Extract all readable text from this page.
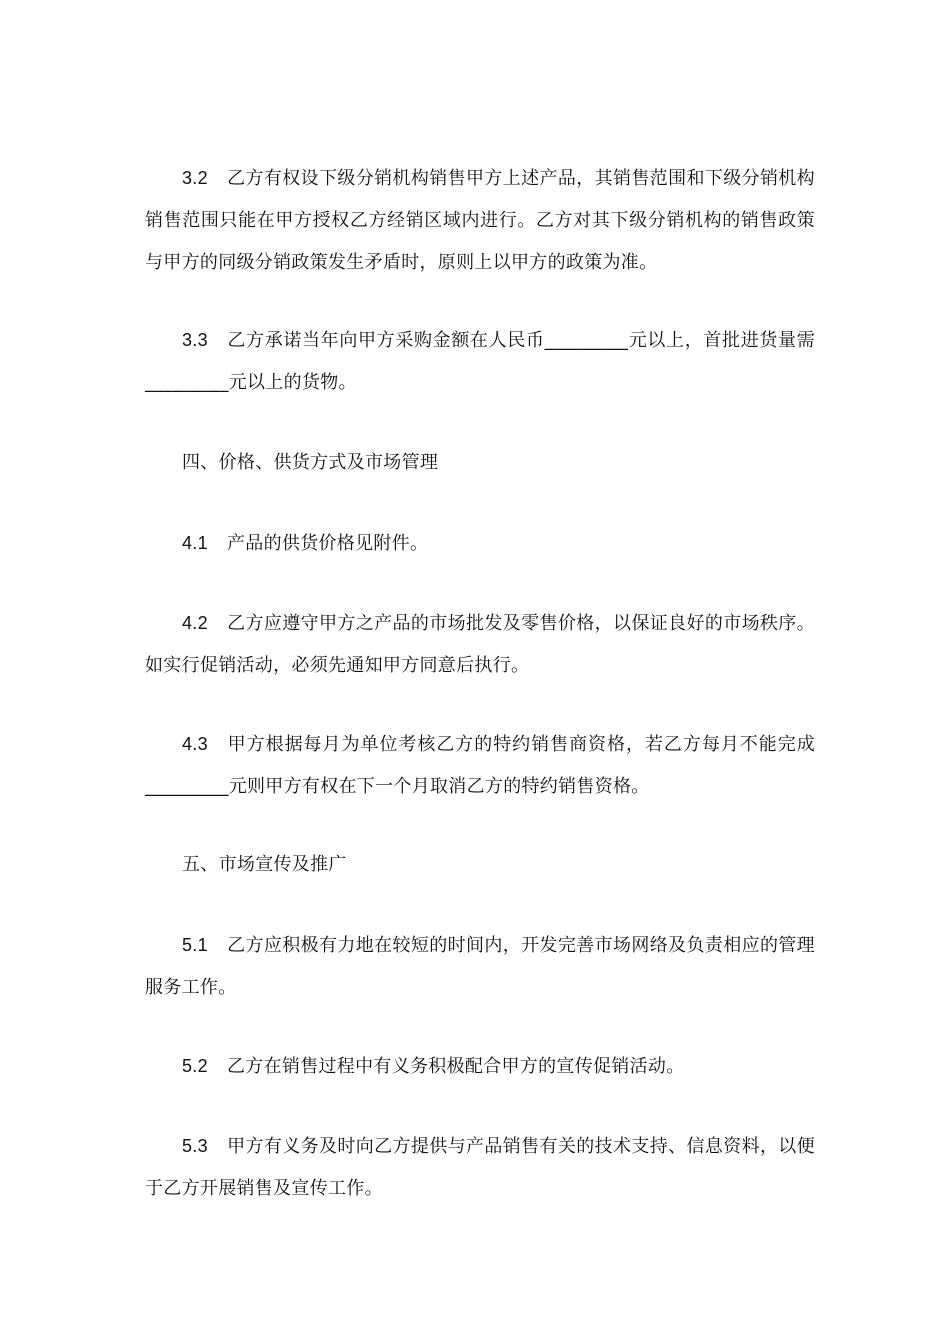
3.2 乙方有权设下级分销机构销售甲方上述产品，其销售范围和下级分销机构销售范围只能在甲方授权乙方经销区域内进行。乙方对其下级分销机构的销售政策与甲方的同级分销政策发生矛盾时，原则上以甲方的政策为准。

3.3 乙方承诺当年向甲方采购金额在人民币_________元以上，首批进货量需_________元以上的货物。

四、价格、供货方式及市场管理

4.1 产品的供货价格见附件。

4.2 乙方应遵守甲方之产品的市场批发及零售价格，以保证良好的市场秩序。如实行促销活动，必须先通知甲方同意后执行。

4.3 甲方根据每月为单位考核乙方的特约销售商资格，若乙方每月不能完成_________元则甲方有权在下一个月取消乙方的特约销售资格。

五、市场宣传及推广

5.1 乙方应积极有力地在较短的时间内，开发完善市场网络及负责相应的管理服务工作。

5.2 乙方在销售过程中有义务积极配合甲方的宣传促销活动。

5.3 甲方有义务及时向乙方提供与产品销售有关的技术支持、信息资料，以便于乙方开展销售及宣传工作。
